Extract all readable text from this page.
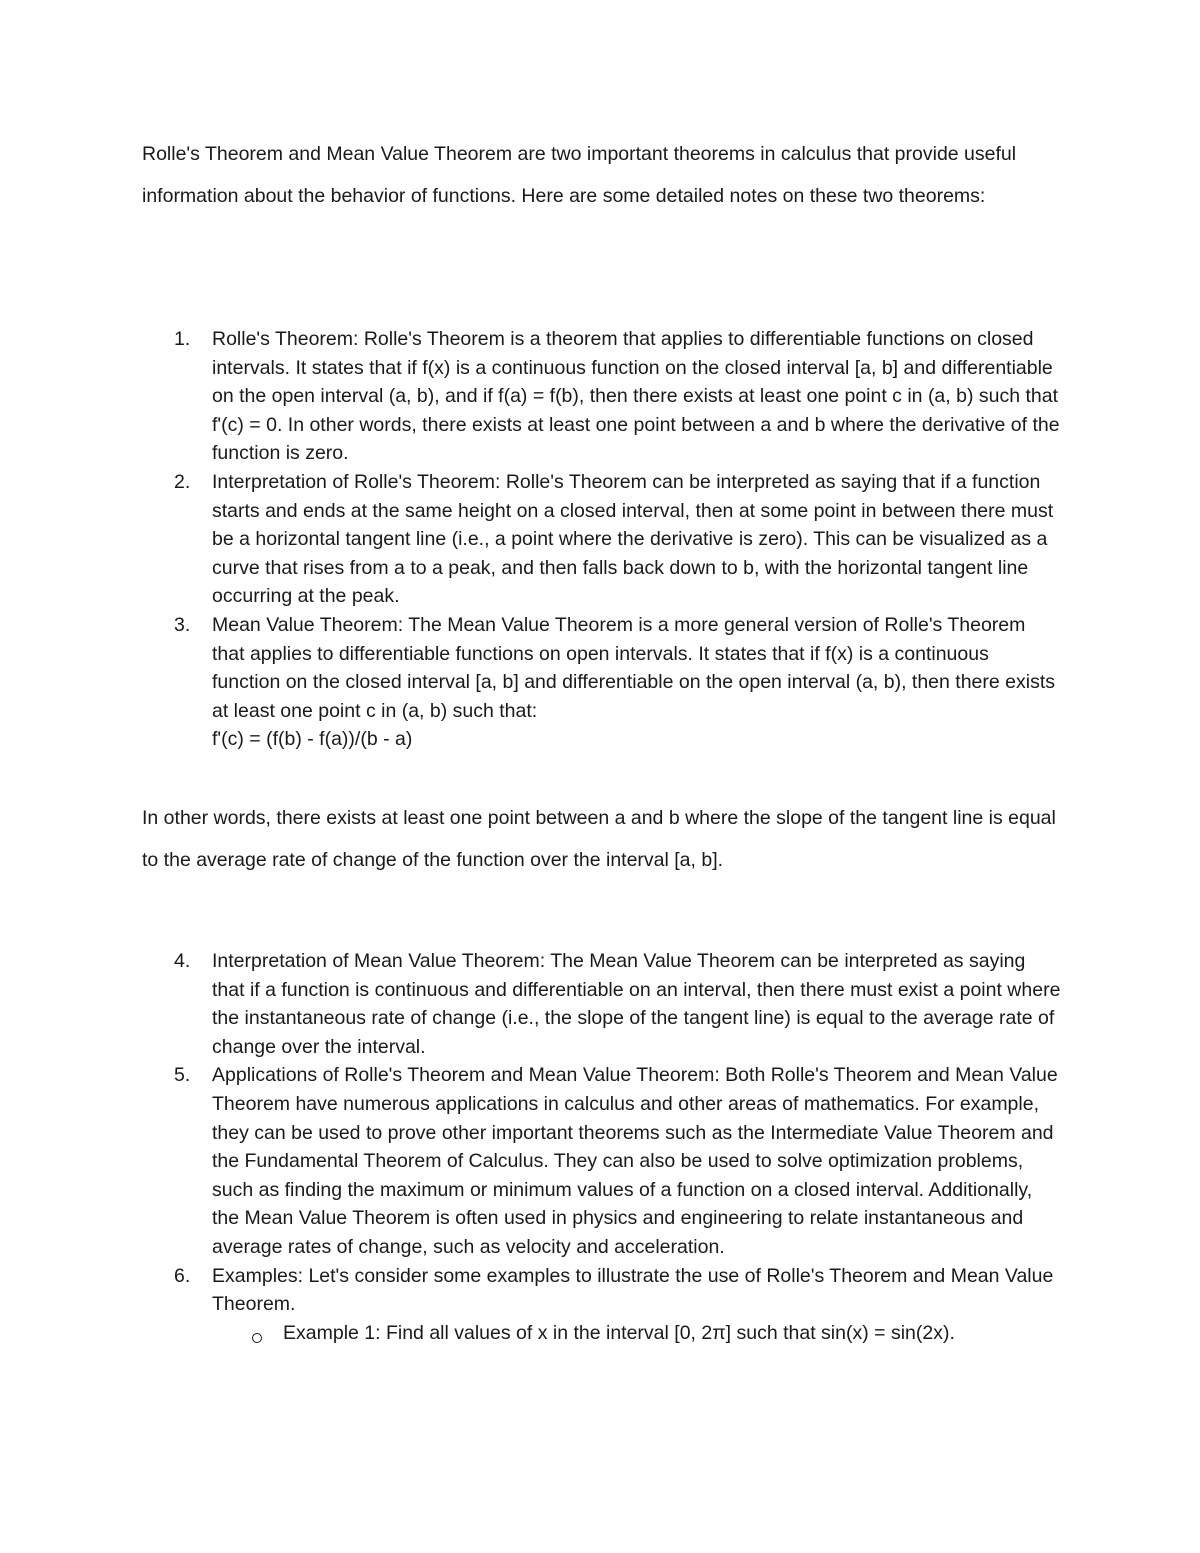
Rolle's Theorem and Mean Value Theorem are two important theorems in calculus that provide useful information about the behavior of functions. Here are some detailed notes on these two theorems:

1. Rolle's Theorem: Rolle's Theorem is a theorem that applies to differentiable functions on closed intervals. It states that if f(x) is a continuous function on the closed interval [a, b] and differentiable on the open interval (a, b), and if f(a) = f(b), then there exists at least one point c in (a, b) such that f'(c) = 0. In other words, there exists at least one point between a and b where the derivative of the function is zero.
2. Interpretation of Rolle's Theorem: Rolle's Theorem can be interpreted as saying that if a function starts and ends at the same height on a closed interval, then at some point in between there must be a horizontal tangent line (i.e., a point where the derivative is zero). This can be visualized as a curve that rises from a to a peak, and then falls back down to b, with the horizontal tangent line occurring at the peak.
3. Mean Value Theorem: The Mean Value Theorem is a more general version of Rolle's Theorem that applies to differentiable functions on open intervals. It states that if f(x) is a continuous function on the closed interval [a, b] and differentiable on the open interval (a, b), then there exists at least one point c in (a, b) such that:
f'(c) = (f(b) - f(a))/(b - a)

In other words, there exists at least one point between a and b where the slope of the tangent line is equal to the average rate of change of the function over the interval [a, b].

4. Interpretation of Mean Value Theorem: The Mean Value Theorem can be interpreted as saying that if a function is continuous and differentiable on an interval, then there must exist a point where the instantaneous rate of change (i.e., the slope of the tangent line) is equal to the average rate of change over the interval.
5. Applications of Rolle's Theorem and Mean Value Theorem: Both Rolle's Theorem and Mean Value Theorem have numerous applications in calculus and other areas of mathematics. For example, they can be used to prove other important theorems such as the Intermediate Value Theorem and the Fundamental Theorem of Calculus. They can also be used to solve optimization problems, such as finding the maximum or minimum values of a function on a closed interval. Additionally, the Mean Value Theorem is often used in physics and engineering to relate instantaneous and average rates of change, such as velocity and acceleration.
6. Examples: Let's consider some examples to illustrate the use of Rolle's Theorem and Mean Value Theorem.
Example 1: Find all values of x in the interval [0, 2π] such that sin(x) = sin(2x).
